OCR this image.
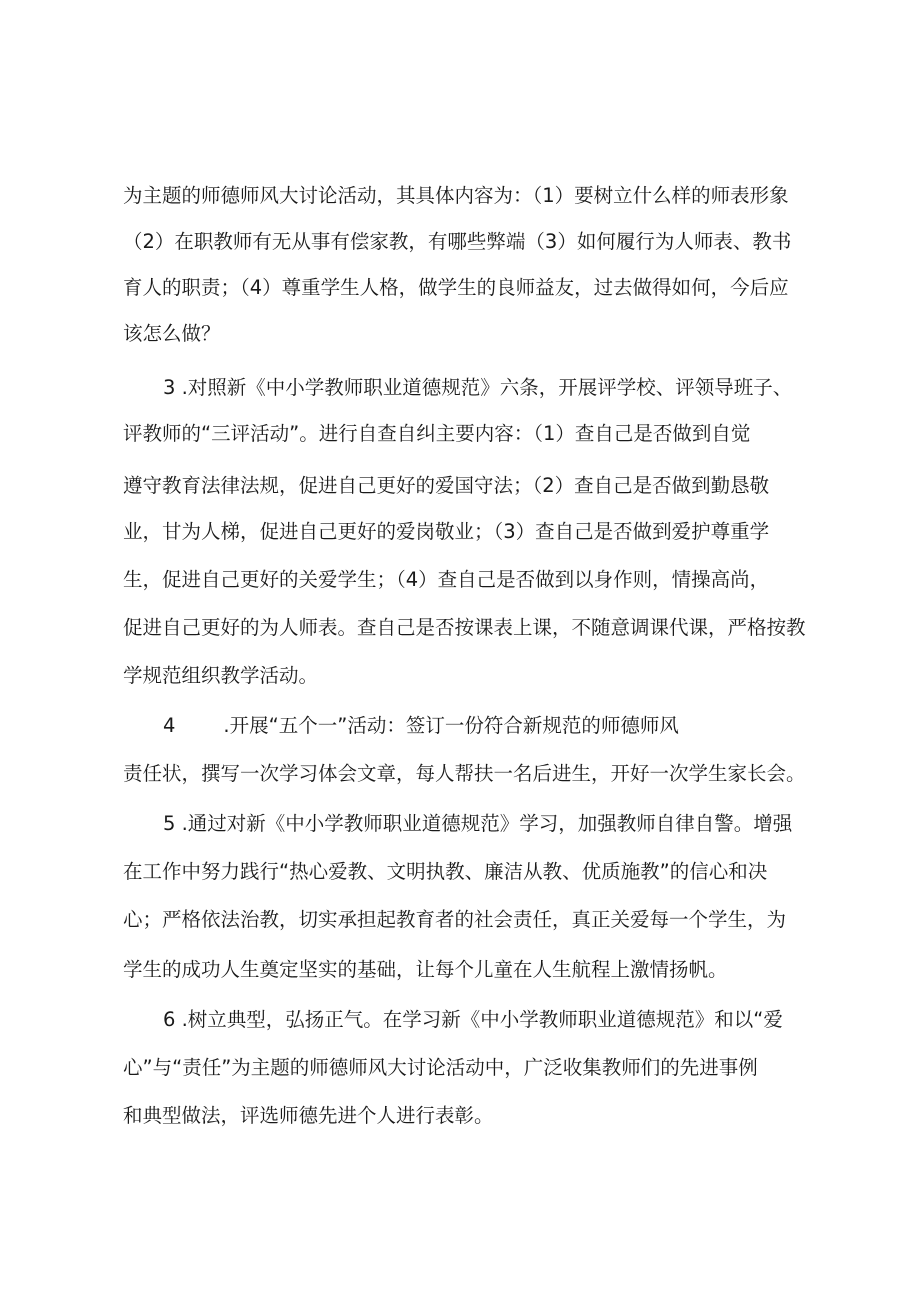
为主题的师德师风大讨论活动，其具体内容为：（1）要树立什么样的师表形象
（2）在职教师有无从事有偿家教，有哪些弊端（3）如何履行为人师表、教书
育人的职责；（4）尊重学生人格，做学生的良师益友，过去做得如何，今后应
该怎么做？
3 .对照新《中小学教师职业道德规范》六条，开展评学校、评领导班子、
评教师的“三评活动”。进行自查自纠主要内容：（1）查自己是否做到自觉
遵守教育法律法规，促进自己更好的爱国守法；（2）查自己是否做到勤恳敬
业，甘为人梯，促进自己更好的爱岗敬业；（3）查自己是否做到爱护尊重学
生，促进自己更好的关爱学生；（4）查自己是否做到以身作则，情操高尚，
促进自己更好的为人师表。查自己是否按课表上课，不随意调课代课，严格按教
学规范组织教学活动。
4 .开展“五个一”活动：签订一份符合新规范的师德师风
责任状，撰写一次学习体会文章，每人帮扶一名后进生，开好一次学生家长会。
5 .通过对新《中小学教师职业道德规范》学习，加强教师自律自警。增强
在工作中努力践行“热心爱教、文明执教、廉洁从教、优质施教”的信心和决
心；严格依法治教，切实承担起教育者的社会责任，真正关爱每一个学生，为
学生的成功人生奠定坚实的基础，让每个儿童在人生航程上激情扬帆。
6 .树立典型，弘扬正气。在学习新《中小学教师职业道德规范》和以“爱
心”与“责任”为主题的师德师风大讨论活动中，广泛收集教师们的先进事例
和典型做法，评选师德先进个人进行表彰。
